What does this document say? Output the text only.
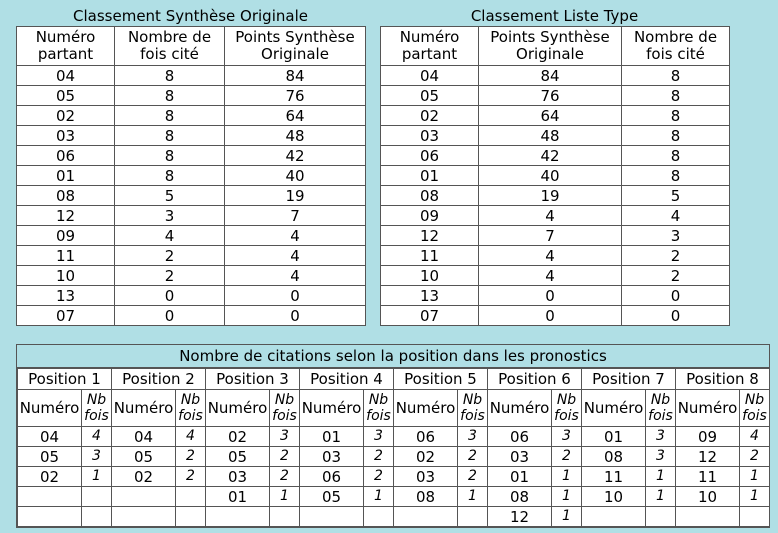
Classement Synthèse Originale
Numéro partant	Nombre de fois cité	Points Synthèse Originale
04	8	84
05	8	76
02	8	64
03	8	48
06	8	42
01	8	40
08	5	19
12	3	7
09	4	4
11	2	4
10	2	4
13	0	0
07	0	0
Classement Liste Type
Numéro partant	Points Synthèse Originale	Nombre de fois cité
04	84	8
05	76	8
02	64	8
03	48	8
06	42	8
01	40	8
08	19	5
09	4	4
12	7	3
11	4	2
10	4	2
13	0	0
07	0	0
Nombre de citations selon la position dans les pronostics
Position 1		Position 2		Position 3		Position 4		Position 5		Position 6		Position 7		Position 8	
Numéro	Nb fois	Numéro	Nb fois	Numéro	Nb fois	Numéro	Nb fois	Numéro	Nb fois	Numéro	Nb fois	Numéro	Nb fois	Numéro	Nb fois
04	4	04	4	02	3	01	3	06	3	06	3	01	3	09	4
05	3	05	2	05	2	03	2	02	2	03	2	08	3	12	2
02	1	02	2	03	2	06	2	03	2	01	1	11	1	11	1
				01	1	05	1	08	1	08	1	10	1	10	1
										12	1				
